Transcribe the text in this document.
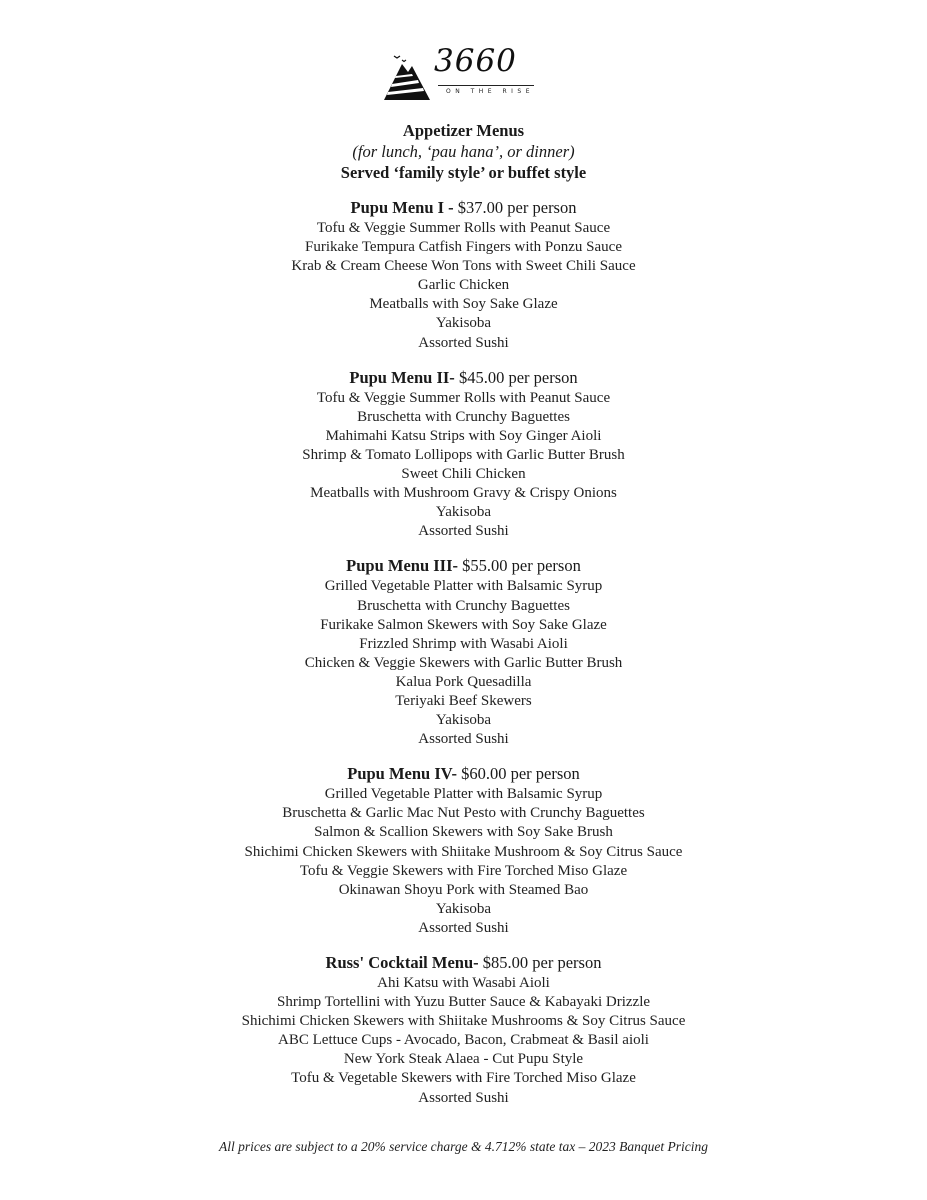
3660
ON THE RISE
Appetizer Menus
(for lunch, ‘pau hana’, or dinner)
Served ‘family style’ or buffet style
Pupu Menu I - $37.00 per person
Tofu & Veggie Summer Rolls with Peanut Sauce
Furikake Tempura Catfish Fingers with Ponzu Sauce
Krab & Cream Cheese Won Tons with Sweet Chili Sauce
Garlic Chicken
Meatballs with Soy Sake Glaze
Yakisoba
Assorted Sushi
Pupu Menu II- $45.00 per person
Tofu & Veggie Summer Rolls with Peanut Sauce
Bruschetta with Crunchy Baguettes
Mahimahi Katsu Strips with Soy Ginger Aioli
Shrimp & Tomato Lollipops with Garlic Butter Brush
Sweet Chili Chicken
Meatballs with Mushroom Gravy & Crispy Onions
Yakisoba
Assorted Sushi
Pupu Menu III- $55.00 per person
Grilled Vegetable Platter with Balsamic Syrup
Bruschetta with Crunchy Baguettes
Furikake Salmon Skewers with Soy Sake Glaze
Frizzled Shrimp with Wasabi Aioli
Chicken & Veggie Skewers with Garlic Butter Brush
Kalua Pork Quesadilla
Teriyaki Beef Skewers
Yakisoba
Assorted Sushi
Pupu Menu IV- $60.00 per person
Grilled Vegetable Platter with Balsamic Syrup
Bruschetta & Garlic Mac Nut Pesto with Crunchy Baguettes
Salmon & Scallion Skewers with Soy Sake Brush
Shichimi Chicken Skewers with Shiitake Mushroom & Soy Citrus Sauce
Tofu & Veggie Skewers with Fire Torched Miso Glaze
Okinawan Shoyu Pork with Steamed Bao
Yakisoba
Assorted Sushi
Russ' Cocktail Menu- $85.00 per person
Ahi Katsu with Wasabi Aioli
Shrimp Tortellini with Yuzu Butter Sauce & Kabayaki Drizzle
Shichimi Chicken Skewers with Shiitake Mushrooms & Soy Citrus Sauce
ABC Lettuce Cups - Avocado, Bacon, Crabmeat & Basil aioli
New York Steak Alaea - Cut Pupu Style
Tofu & Vegetable Skewers with Fire Torched Miso Glaze
Assorted Sushi
All prices are subject to a 20% service charge & 4.712% state tax – 2023 Banquet Pricing
